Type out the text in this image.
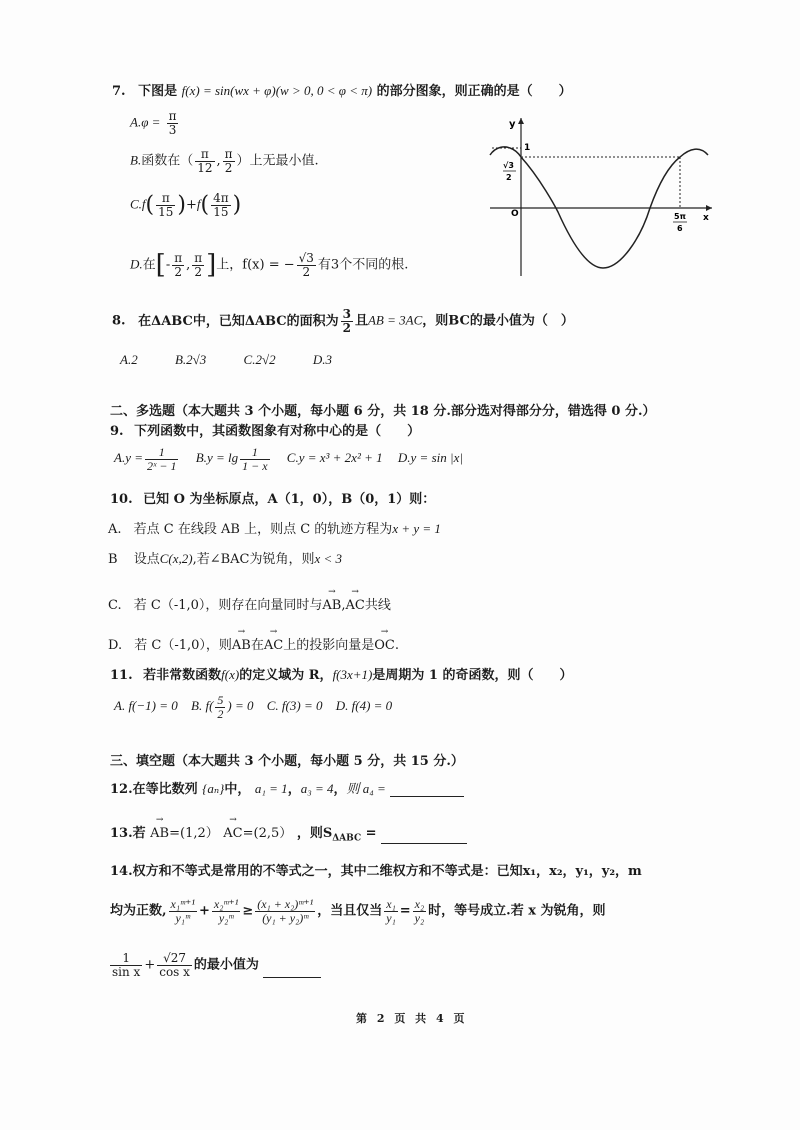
7. 下图是 f(x) = sin(wx + φ)(w > 0, 0 < φ < π) 的部分图象，则正确的是（　　）
$A.\varphi = \frac{\pi}{3}$
B.函数在（ $\frac{\pi}{12}$ , $\frac{\pi}{2}$ ）上无最小值.
$C.f( \frac{\pi}{15} )+f( \frac{4\pi}{15}$ )
D.在[- $\frac{\pi}{2}$ , $\frac{\pi}{2}$ ]上，f(x) = − $\frac{√3}{2}$ 有3个不同的根.
y
1
√3
2
O	5π
6
x
8. 在ΔABC中，已知ΔABC的面积为 $\frac{3}{2}$ 且AB = 3AC，则BC的最小值为（　）
A.2	B.2√3	C.2√2	D.3
二、多选题（本大题共 3 个小题，每小题 6 分，共 18 分.部分选对得部分分，错选得 0 分.）
9. 下列函数中，其函数图象有对称中心的是（　　）
$A.y = \frac{1}{\text{2ˣ − 1}} B.y = \lg \frac{1}{1 - x} C.y = x^3 + 2x^2 + 1$ D.y = sin |x|
10. 已知 O 为坐标原点，A（1，0），B（0，1）则：
A. 若点 C 在线段 AB 上，则点 C 的轨迹方程为x + y = 1
B 设点C(x,2),若∠BAC为锐角，则x < 3
C. 若 C（-1,0），则存在向量同时与→ AB,→ AC共线
D. 若 C（-1,0），则→ AB在→ AC上的投影向量是→ OC.
11. 若非常数函数f(x)的定义域为 R，f(3x+1)是周期为 1 的奇函数，则（　　）
A. f(−1) = 0 B. $f( \frac{5}{2}$ ) = 0 C. f(3) = 0 D. f(4) = 0
三、填空题（本大题共 3 个小题，每小题 5 分，共 15 分.）
12.在等比数列 {aₙ}中， a₁ = 1，a₃ = 4，则 a₄ =
13.若 → AB=(1,2） → AC=(2,5） ，则$S_{\Delta ABC}$ =
14.权方和不等式是常用的不等式之一，其中二维权方和不等式是：已知x₁，x₂，y₁，y₂，m
均为正数, $\frac{\text{x₁ᵐ⁺¹}}{\text{y₁ᵐ}} + \frac{\text{x₂ᵐ⁺¹}}{\text{y₂ᵐ}} \ge \frac{\text{(x₁ + x₂)ᵐ⁺¹}}{\text{(y₁ + y₂)ᵐ}}$ ，当且仅当 $\frac{\text{x₁}}{\text{y₁}} = \frac{\text{x₂}}{\text{y₂}}$ 时，等号成立.若 x 为锐角，则
$\frac{1}{\text{sin x}} + \frac{√27}{\text{cos x}}$ 的最小值为
第 2 页 共 4 页
